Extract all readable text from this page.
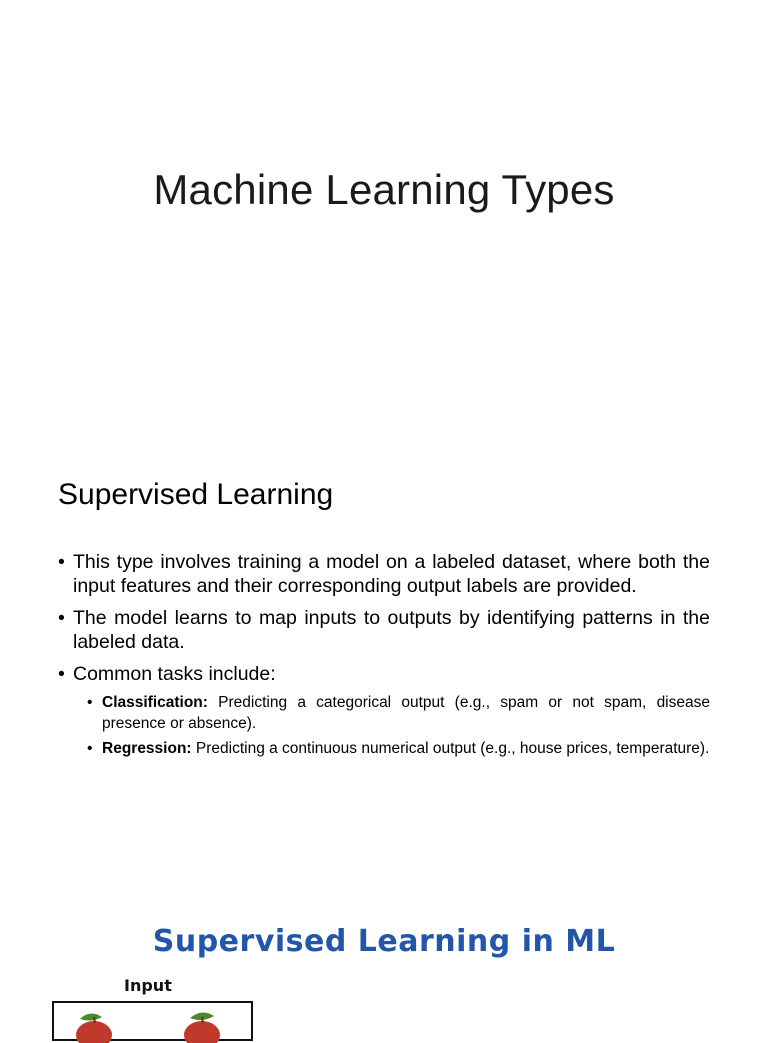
Machine Learning Types
Supervised Learning
• This type involves training a model on a labeled dataset, where both the input features and their corresponding output labels are provided.
• The model learns to map inputs to outputs by identifying patterns in the labeled data.
• Common tasks include:
• Classification: Predicting a categorical output (e.g., spam or not spam, disease presence or absence).
• Regression: Predicting a continuous numerical output (e.g., house prices, temperature).
Supervised Learning in ML
Input
